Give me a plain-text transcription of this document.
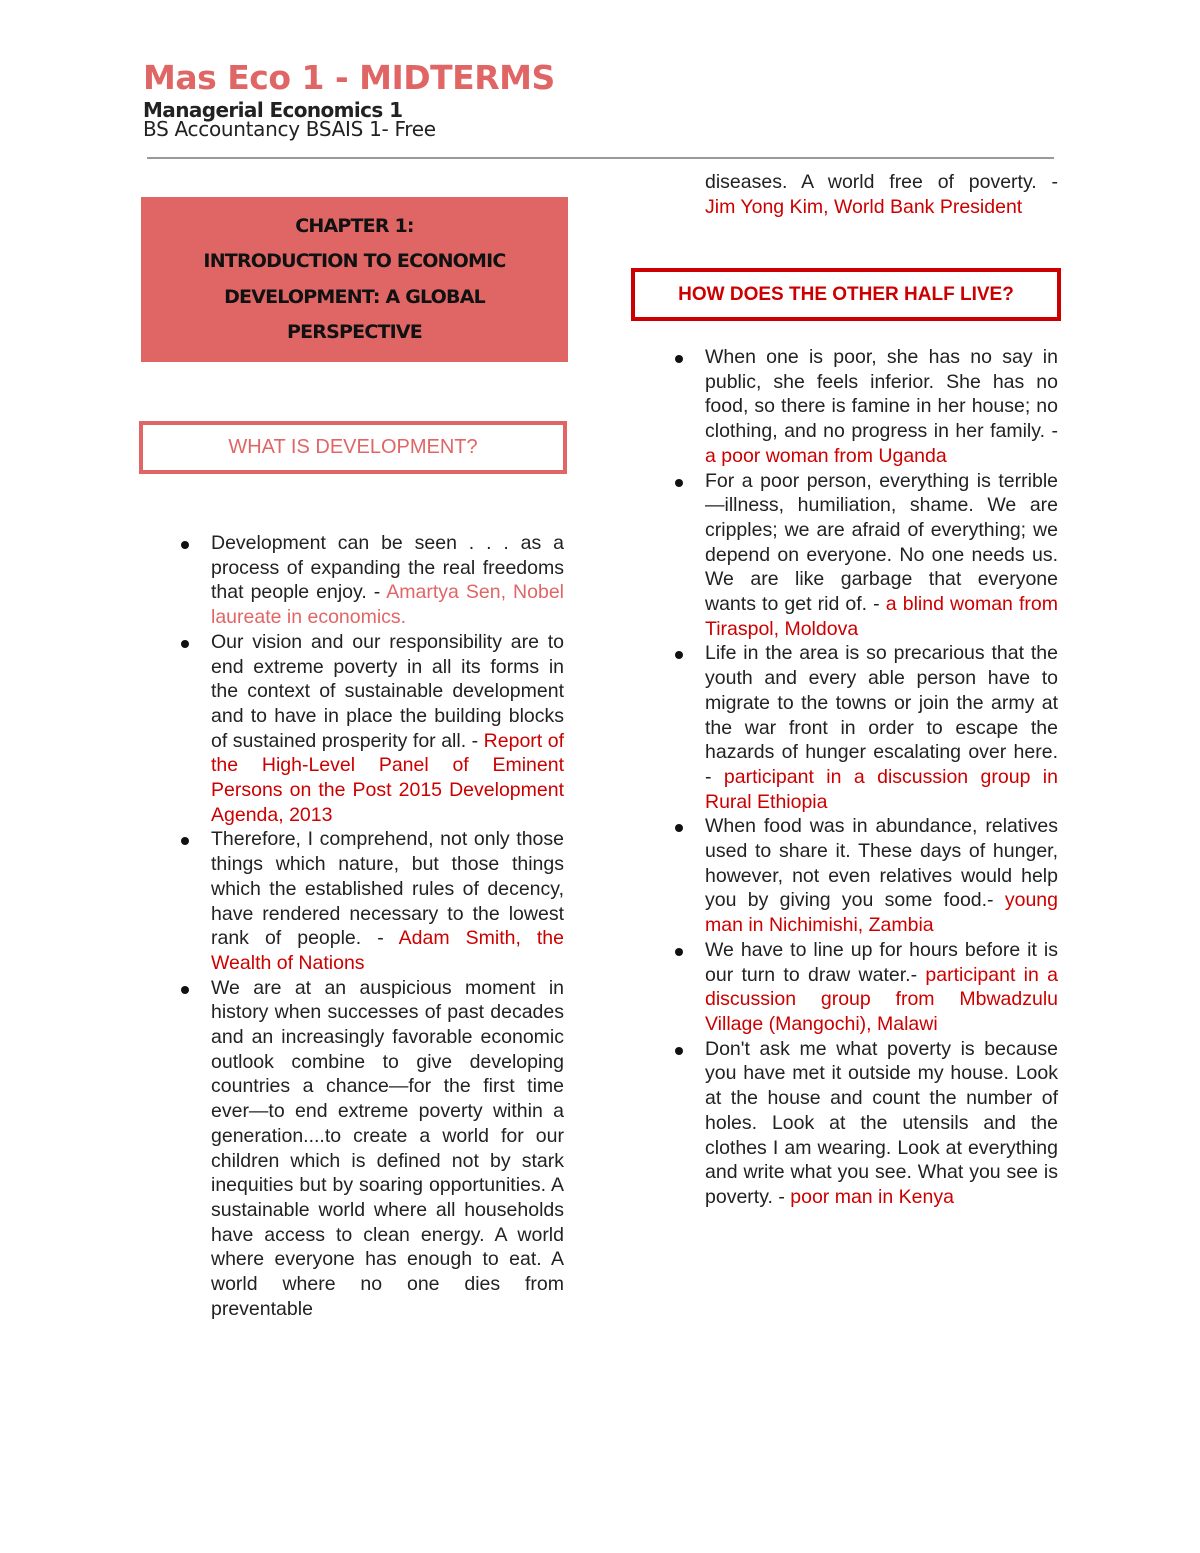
Mas Eco 1 - MIDTERMS
Managerial Economics 1
BS Accountancy BSAIS 1- Free
CHAPTER 1:
INTRODUCTION TO ECONOMIC DEVELOPMENT: A GLOBAL PERSPECTIVE
WHAT IS DEVELOPMENT?
Development can be seen . . . as a process of expanding the real freedoms that people enjoy. - Amartya Sen, Nobel laureate in economics.
Our vision and our responsibility are to end extreme poverty in all its forms in the context of sustainable development and to have in place the building blocks of sustained prosperity for all. - Report of the High-Level Panel of Eminent Persons on the Post 2015 Development Agenda, 2013
Therefore, I comprehend, not only those things which nature, but those things which the established rules of decency, have rendered necessary to the lowest rank of people. - Adam Smith, the Wealth of Nations
We are at an auspicious moment in history when successes of past decades and an increasingly favorable economic outlook combine to give developing countries a chance—for the first time ever—to end extreme poverty within a generation....to create a world for our children which is defined not by stark inequities but by soaring opportunities. A sustainable world where all households have access to clean energy. A world where everyone has enough to eat. A world where no one dies from preventable
diseases. A world free of poverty. -
Jim Yong Kim, World Bank President
HOW DOES THE OTHER HALF LIVE?
When one is poor, she has no say in public, she feels inferior. She has no food, so there is famine in her house; no clothing, and no progress in her family. - a poor woman from Uganda
For a poor person, everything is terrible—illness, humiliation, shame. We are cripples; we are afraid of everything; we depend on everyone. No one needs us. We are like garbage that everyone wants to get rid of. - a blind woman from Tiraspol, Moldova
Life in the area is so precarious that the youth and every able person have to migrate to the towns or join the army at the war front in order to escape the hazards of hunger escalating over here. - participant in a discussion group in Rural Ethiopia
When food was in abundance, relatives used to share it. These days of hunger, however, not even relatives would help you by giving you some food.- young man in Nichimishi, Zambia
We have to line up for hours before it is our turn to draw water.- participant in a discussion group from Mbwadzulu Village (Mangochi), Malawi
Don't ask me what poverty is because you have met it outside my house. Look at the house and count the number of holes. Look at the utensils and the clothes I am wearing. Look at everything and write what you see. What you see is poverty. - poor man in Kenya
